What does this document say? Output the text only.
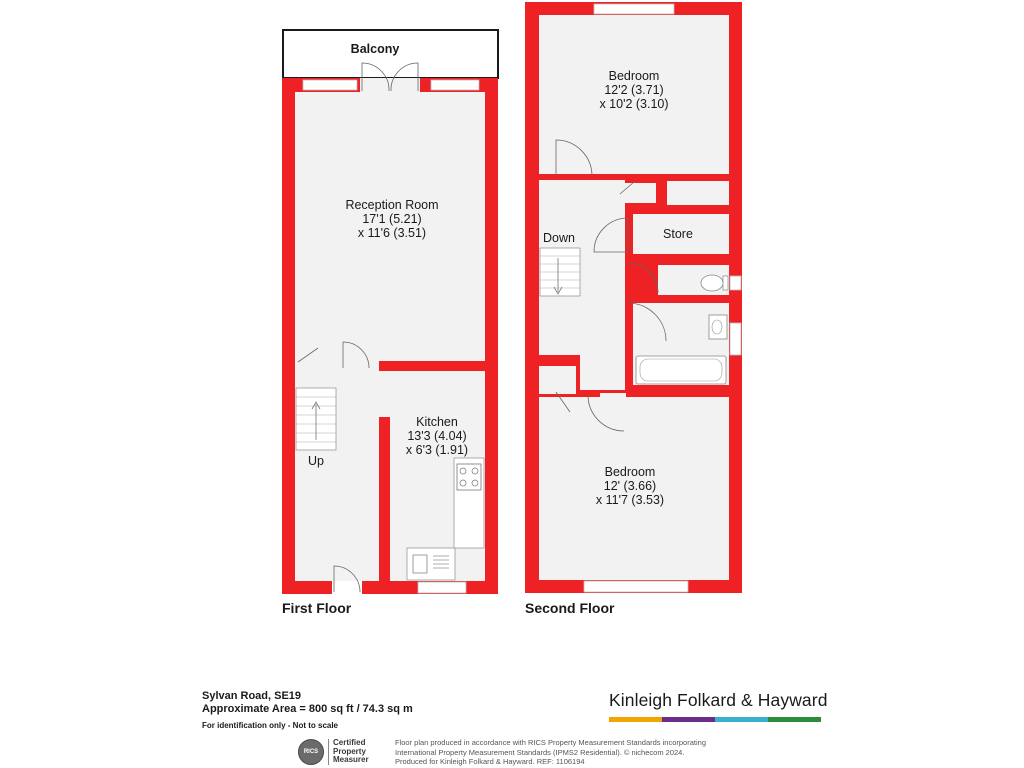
Balcony
Reception Room
17'1 (5.21)
x 11'6 (3.51)
Kitchen
13'3 (4.04)
x 6'3 (1.91)
Up
First Floor
Bedroom
12'2 (3.71)
x 10'2 (3.10)
Store
Bedroom
12' (3.66)
x 11'7 (3.53)
Down
Second Floor
Sylvan Road, SE19
Approximate Area = 800 sq ft / 74.3 sq m
For identification only - Not to scale
Kinleigh Folkard & Hayward
RICS
Certified
Property
Measurer
Floor plan produced in accordance with RICS Property Measurement Standards incorporating
International Property Measurement Standards (IPMS2 Residential). © nichecom 2024.
Produced for Kinleigh Folkard & Hayward. REF: 1106194
